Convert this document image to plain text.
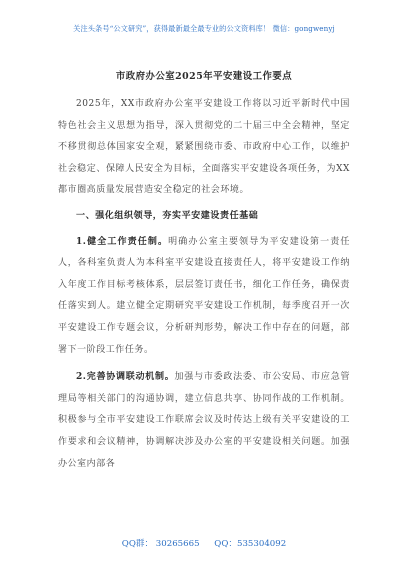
关注头条号“公文研究”，获得最新最全最专业的公文资料库！ 微信：gongwenyj
市政府办公室2025年平安建设工作要点

2025年，XX市政府办公室平安建设工作将以习近平新时代中国特色社会主义思想为指导，深入贯彻党的二十届三中全会精神，坚定不移贯彻总体国家安全观，紧紧围绕市委、市政府中心工作，以维护社会稳定、保障人民安全为目标，全面落实平安建设各项任务，为XX都市圈高质量发展营造安全稳定的社会环境。

一、强化组织领导，夯实平安建设责任基础

1.健全工作责任制。明确办公室主要领导为平安建设第一责任人，各科室负责人为本科室平安建设直接责任人，将平安建设工作纳入年度工作目标考核体系，层层签订责任书，细化工作任务，确保责任落实到人。建立健全定期研究平安建设工作机制，每季度召开一次平安建设工作专题会议，分析研判形势，解决工作中存在的问题，部署下一阶段工作任务。

2.完善协调联动机制。加强与市委政法委、市公安局、市应急管理局等相关部门的沟通协调，建立信息共享、协同作战的工作机制。积极参与全市平安建设工作联席会议及时传达上级有关平安建设的工作要求和会议精神，协调解决涉及办公室的平安建设相关问题。加强办公室内部各

QQ群： 30265665 QQ：535304092
